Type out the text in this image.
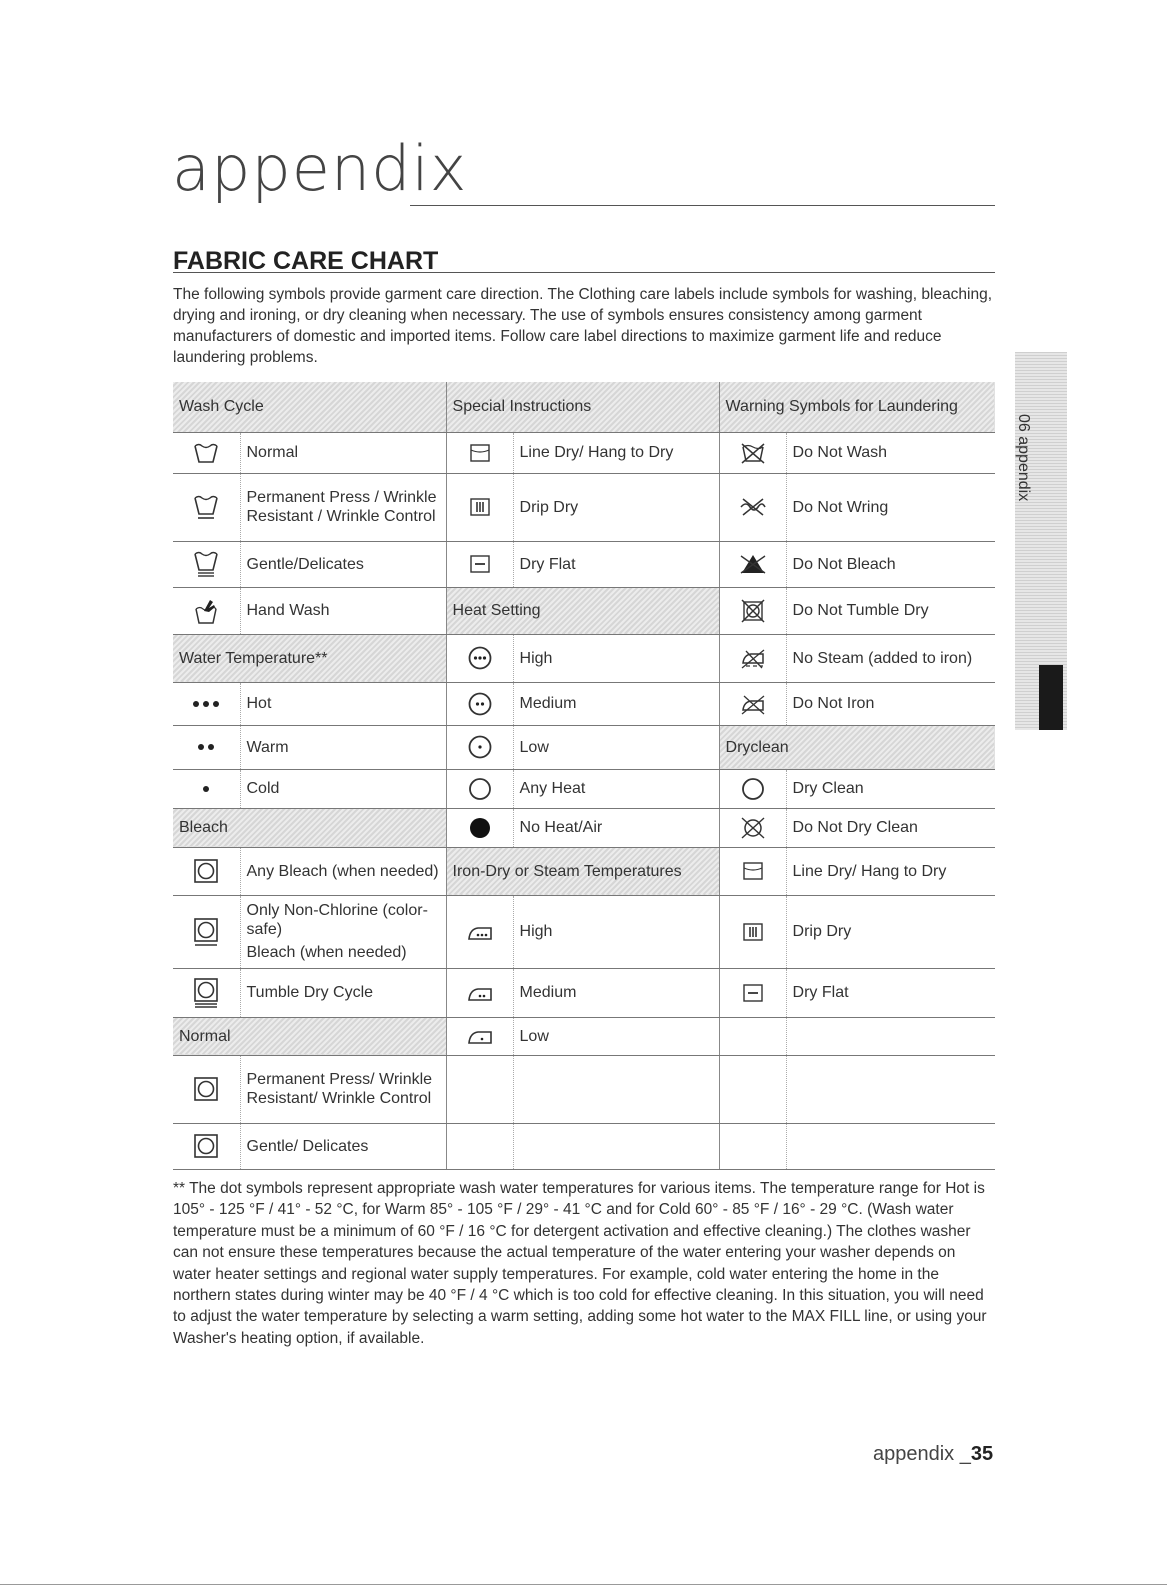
appendix
FABRIC CARE CHART
The following symbols provide garment care direction. The Clothing care labels include symbols for washing, bleaching, drying and ironing, or dry cleaning when necessary. The use of symbols ensures consistency among garment manufacturers of domestic and imported items. Follow care label directions to maximize garment life and reduce laundering problems.
06 appendix
Wash Cycle		Special Instructions		Warning Symbols for Laundering	

	Normal		Line Dry/ Hang to Dry		Do Not Wash

	Permanent Press / Wrinkle Resistant / Wrinkle Control		Drip Dry		Do Not Wring

	Gentle/Delicates		Dry Flat		Do Not Bleach

	Hand Wash	Heat Setting			Do Not Tumble Dry
Water Temperature**			High		No Steam (added to iron)

	Hot		Medium		Do Not Iron

	Warm		Low	Dryclean	

	Cold		Any Heat		Dry Clean
Bleach			No Heat/Air		Do Not Dry Clean

	Any Bleach (when needed)	Iron-Dry or Steam Temperatures			Line Dry/ Hang to Dry

Only Non-Chlorine (color-safe)
Bleach (when needed)		High		Drip Dry

	Tumble Dry Cycle		Medium		Dry Flat
Normal			Low		

	Permanent Press/ Wrinkle Resistant/ Wrinkle Control				

	Gentle/ Delicates				
** The dot symbols represent appropriate wash water temperatures for various items. The temperature range for Hot is 105° - 125 °F / 41° - 52 °C, for Warm 85° - 105 °F / 29° - 41 °C and for Cold 60° - 85 °F / 16° - 29 °C. (Wash water temperature must be a minimum of 60 °F / 16 °C for detergent activation and effective cleaning.) The clothes washer can not ensure these temperatures because the actual temperature of the water entering your washer depends on water heater settings and regional water supply temperatures. For example, cold water entering the home in the northern states during winter may be 40 °F / 4 °C which is too cold for effective cleaning. In this situation, you will need to adjust the water temperature by selecting a warm setting, adding some hot water to the MAX FILL line, or using your Washer's heating option, if available.
appendix _35
